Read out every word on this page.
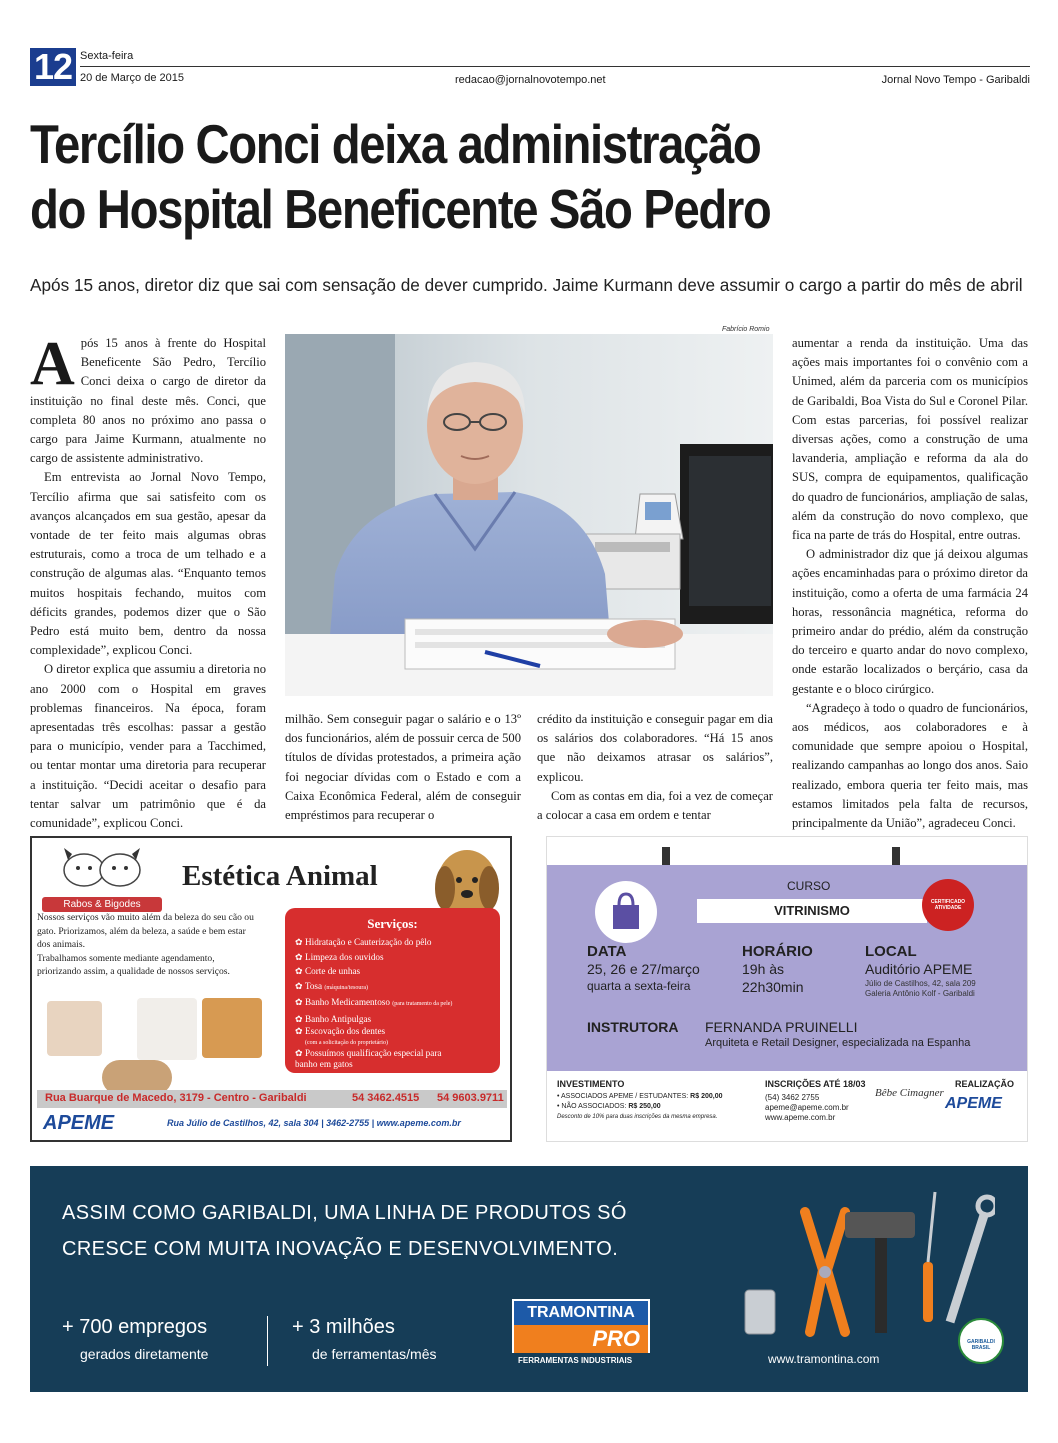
12 Sexta-feira
20 de Março de 2015	redacao@jornalnovotempo.net	Jornal Novo Tempo - Garibaldi
Tercílio Conci deixa administração
do Hospital Beneficente São Pedro
Após 15 anos, diretor diz que sai com sensação de dever cumprido. Jaime Kurmann deve assumir o cargo a partir do mês de abril

Após 15 anos à frente do Hospital Beneficente São Pedro, Tercílio Conci deixa o cargo de diretor da instituição no final deste mês. Conci, que completa 80 anos no próximo ano passa o cargo para Jaime Kurmann, atualmente no cargo de assistente administrativo.

Em entrevista ao Jornal Novo Tempo, Tercílio afirma que sai satisfeito com os avanços alcançados em sua gestão, apesar da vontade de ter feito mais algumas obras estruturais, como a troca de um telhado e a construção de algumas alas. “Enquanto temos muitos hospitais fechando, muitos com déficits grandes, podemos dizer que o São Pedro está muito bem, dentro da nossa complexidade”, explicou Conci.

O diretor explica que assumiu a diretoria no ano 2000 com o Hospital em graves problemas financeiros. Na época, foram apresentadas três escolhas: passar a gestão para o município, vender para a Tacchimed, ou tentar montar uma diretoria para recuperar a instituição. “Decidi aceitar o desafio para tentar salvar um patrimônio que é da comunidade”, explicou Conci.

Fabrício Romio

milhão. Sem conseguir pagar o salário e o 13º dos funcionários, além de possuir cerca de 500 títulos de dívidas protestados, a primeira ação foi negociar dívidas com o Estado e com a Caixa Econômica Federal, além de conseguir empréstimos para recuperar o

crédito da instituição e conseguir pagar em dia os salários dos colaboradores. “Há 15 anos que não deixamos atrasar os salários”, explicou.

Com as contas em dia, foi a vez de começar a colocar a casa em ordem e tentar

aumentar a renda da instituição. Uma das ações mais importantes foi o convênio com a Unimed, além da parceria com os municípios de Garibaldi, Boa Vista do Sul e Coronel Pilar. Com estas parcerias, foi possível realizar diversas ações, como a construção de uma lavanderia, ampliação e reforma da ala do SUS, compra de equipamentos, qualificação do quadro de funcionários, ampliação de salas, além da construção do novo complexo, que fica na parte de trás do Hospital, entre outras.

O administrador diz que já deixou algumas ações encaminhadas para o próximo diretor da instituição, como a oferta de uma farmácia 24 horas, ressonância magnética, reforma do primeiro andar do prédio, além da construção do terceiro e quarto andar do novo complexo, onde estarão localizados o berçário, casa da gestante e o bloco cirúrgico.

“Agradeço à todo o quadro de funcionários, aos médicos, aos colaboradores e à comunidade que sempre apoiou o Hospital, realizando campanhas ao longo dos anos. Saio realizado, embora queria ter feito mais, mas estamos limitados pela falta de recursos, principalmente da União”, agradeceu Conci.

Rabos & Bigodes
Estética Animal
Nossos serviços vão muito além da beleza do seu cão ou gato. Priorizamos, além da beleza, a saúde e bem estar dos animais.
Trabalhamos somente mediante agendamento, priorizando assim, a qualidade de nossos serviços.
Serviços:
✿ Hidratação e Cauterização do pêlo
✿ Limpeza dos ouvidos
✿ Corte de unhas
✿ Tosa (máquina/tesoura)
✿ Banho Medicamentoso (para tratamento da pele)
✿ Banho Antipulgas
✿ Escovação dos dentes
(com a solicitação do proprietário)
✿ Possuímos qualificação especial para banho em gatos
Rua Buarque de Macedo, 3179 - Centro - Garibaldi	54 3462.4515 54 9603.9711
APEME	Rua Júlio de Castilhos, 42, sala 304 | 3462-2755 | www.apeme.com.br
CURSO
VITRINISMO
CERTIFICADO ATIVIDADE
DATA
25, 26 e 27/março
quarta a sexta-feira
HORÁRIO
19h às
22h30min
LOCAL
Auditório APEME
Júlio de Castilhos, 42, sala 209
Galeria Antônio Kolf - Garibaldi
INSTRUTORA FERNANDA PRUINELLI
Arquiteta e Retail Designer, especializada na Espanha
INVESTIMENTO
• ASSOCIADOS APEME / ESTUDANTES: R$ 200,00
• NÃO ASSOCIADOS: R$ 250,00
Desconto de 10% para duas inscrições da mesma empresa.
INSCRIÇÕES ATÉ 18/03
(54) 3462 2755
apeme@apeme.com.br
www.apeme.com.br
Bêbe Cimagner
REALIZAÇÃO
APEME
ASSIM COMO GARIBALDI, UMA LINHA DE PRODUTOS SÓ
CRESCE COM MUITA INOVAÇÃO E DESENVOLVIMENTO.
+ 700 empregos
gerados diretamente
+ 3 milhões
de ferramentas/mês
TRAMONTINA
PRO
FERRAMENTAS INDUSTRIAIS	www.tramontina.com
GARIBALDI BRASIL
